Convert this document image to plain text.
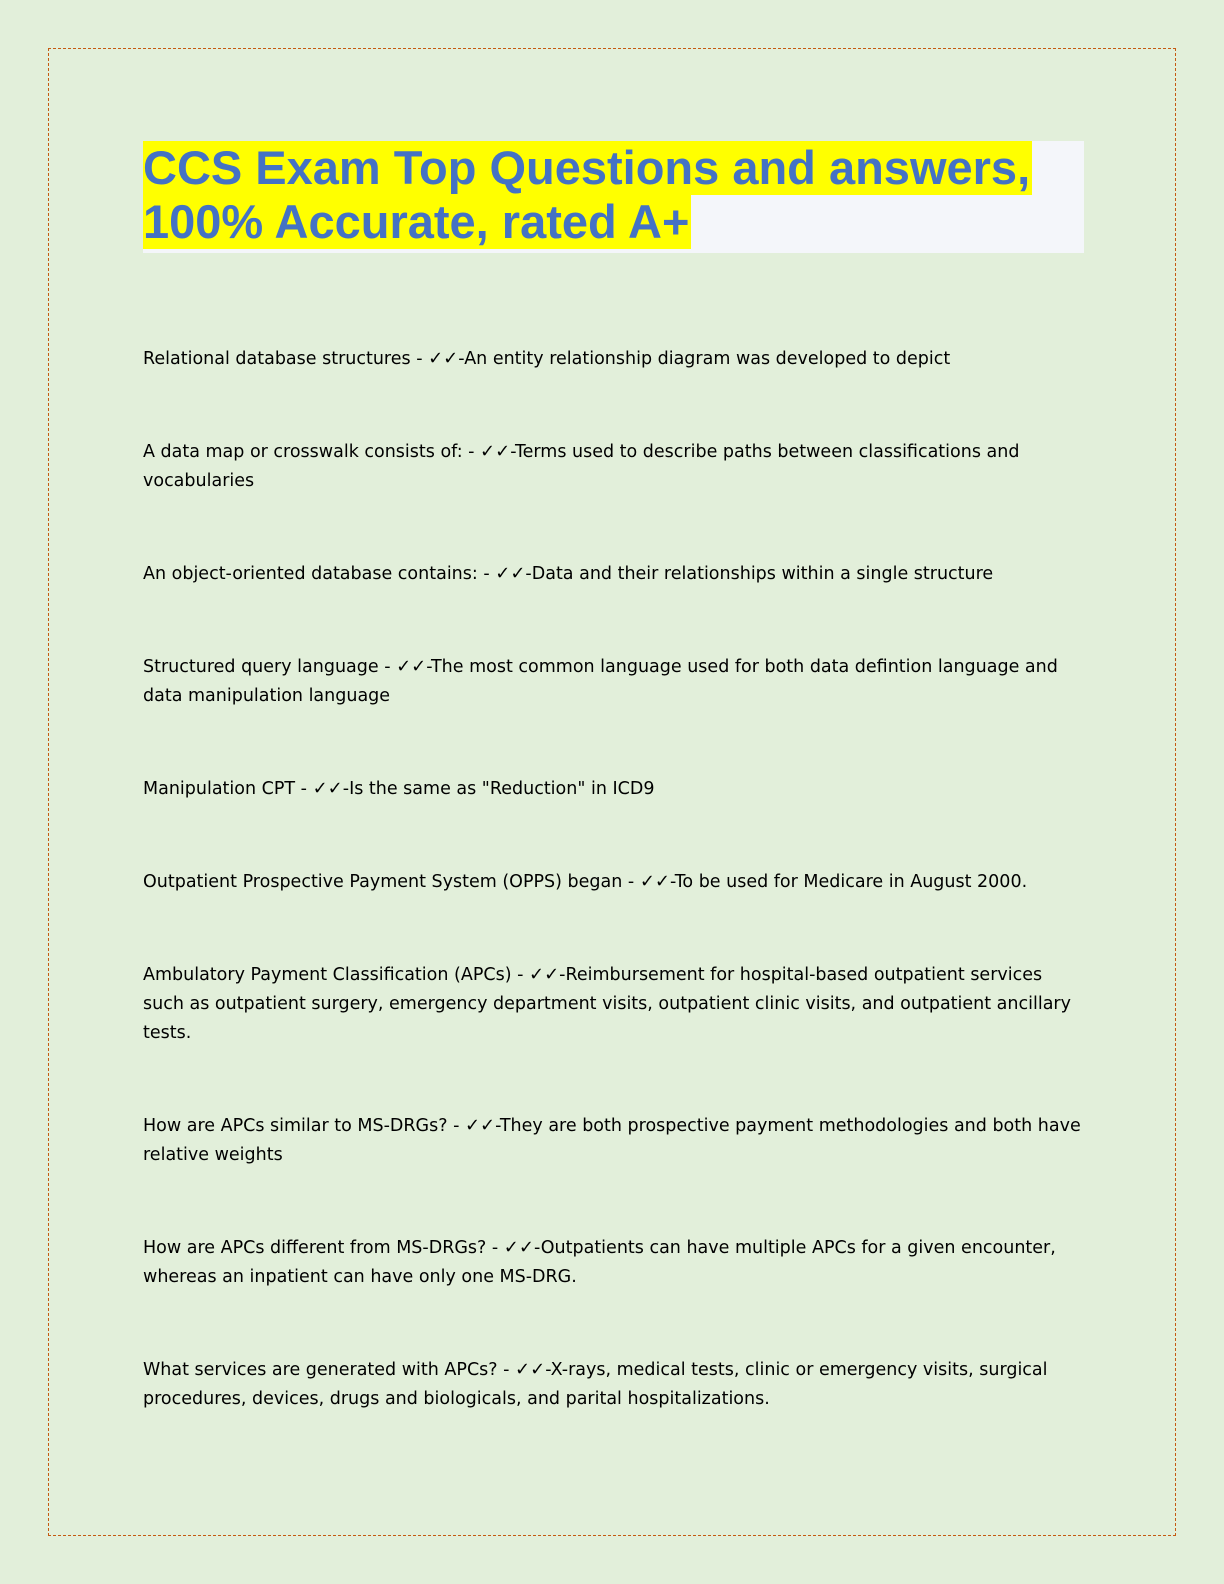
CCS Exam Top Questions and answers,
100% Accurate, rated A+

Relational database structures - ✓✓-An entity relationship diagram was developed to depict

A data map or crosswalk consists of: - ✓✓-Terms used to describe paths between classifications and vocabularies

An object-oriented database contains: - ✓✓-Data and their relationships within a single structure

Structured query language - ✓✓-The most common language used for both data defintion language and data manipulation language

Manipulation CPT - ✓✓-Is the same as "Reduction" in ICD9

Outpatient Prospective Payment System (OPPS) began - ✓✓-To be used for Medicare in August 2000.

Ambulatory Payment Classification (APCs) - ✓✓-Reimbursement for hospital-based outpatient services such as outpatient surgery, emergency department visits, outpatient clinic visits, and outpatient ancillary tests.

How are APCs similar to MS-DRGs? - ✓✓-They are both prospective payment methodologies and both have relative weights

How are APCs different from MS-DRGs? - ✓✓-Outpatients can have multiple APCs for a given encounter, whereas an inpatient can have only one MS-DRG.

What services are generated with APCs? - ✓✓-X-rays, medical tests, clinic or emergency visits, surgical procedures, devices, drugs and biologicals, and parital hospitalizations.
